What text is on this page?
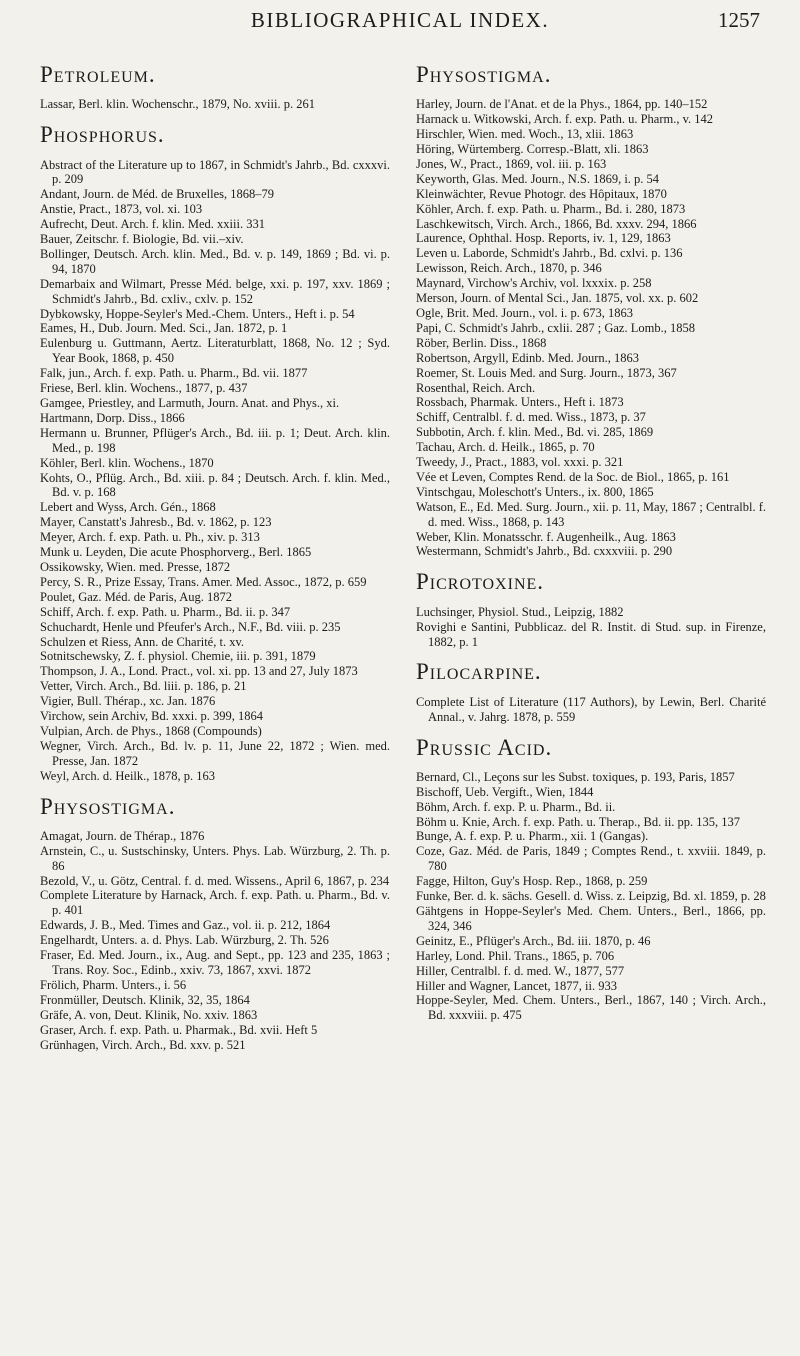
BIBLIOGRAPHICAL INDEX.	1257
Petroleum.
Lassar, Berl. klin. Wochenschr., 1879, No. xviii. p. 261
Phosphorus.
Abstract of the Literature up to 1867, in Schmidt's Jahrb., Bd. cxxxvi. p. 209
Andant, Journ. de Méd. de Bruxelles, 1868–79
Anstie, Pract., 1873, vol. xi. 103
Aufrecht, Deut. Arch. f. klin. Med. xxiii. 331
Bauer, Zeitschr. f. Biologie, Bd. vii.–xiv.
Bollinger, Deutsch. Arch. klin. Med., Bd. v. p. 149, 1869 ; Bd. vi. p. 94, 1870
Demarbaix and Wilmart, Presse Méd. belge, xxi. p. 197, xxv. 1869 ; Schmidt's Jahrb., Bd. cxliv., cxlv. p. 152
Dybkowsky, Hoppe-Seyler's Med.-Chem. Unters., Heft i. p. 54
Eames, H., Dub. Journ. Med. Sci., Jan. 1872, p. 1
Eulenburg u. Guttmann, Aertz. Literaturblatt, 1868, No. 12 ; Syd. Year Book, 1868, p. 450
Falk, jun., Arch. f. exp. Path. u. Pharm., Bd. vii. 1877
Friese, Berl. klin. Wochens., 1877, p. 437
Gamgee, Priestley, and Larmuth, Journ. Anat. and Phys., xi.
Hartmann, Dorp. Diss., 1866
Hermann u. Brunner, Pflüger's Arch., Bd. iii. p. 1; Deut. Arch. klin. Med., p. 198
Köhler, Berl. klin. Wochens., 1870
Kohts, O., Pflüg. Arch., Bd. xiii. p. 84 ; Deutsch. Arch. f. klin. Med., Bd. v. p. 168
Lebert and Wyss, Arch. Gén., 1868
Mayer, Canstatt's Jahresb., Bd. v. 1862, p. 123
Meyer, Arch. f. exp. Path. u. Ph., xiv. p. 313
Munk u. Leyden, Die acute Phosphorverg., Berl. 1865
Ossikowsky, Wien. med. Presse, 1872
Percy, S. R., Prize Essay, Trans. Amer. Med. Assoc., 1872, p. 659
Poulet, Gaz. Méd. de Paris, Aug. 1872
Schiff, Arch. f. exp. Path. u. Pharm., Bd. ii. p. 347
Schuchardt, Henle und Pfeufer's Arch., N.F., Bd. viii. p. 235
Schulzen et Riess, Ann. de Charité, t. xv.
Sotnitschewsky, Z. f. physiol. Chemie, iii. p. 391, 1879
Thompson, J. A., Lond. Pract., vol. xi. pp. 13 and 27, July 1873
Vetter, Virch. Arch., Bd. liii. p. 186, p. 21
Vigier, Bull. Thérap., xc. Jan. 1876
Virchow, sein Archiv, Bd. xxxi. p. 399, 1864
Vulpian, Arch. de Phys., 1868 (Compounds)
Wegner, Virch. Arch., Bd. lv. p. 11, June 22, 1872 ; Wien. med. Presse, Jan. 1872
Weyl, Arch. d. Heilk., 1878, p. 163
Physostigma.
Amagat, Journ. de Thérap., 1876
Arnstein, C., u. Sustschinsky, Unters. Phys. Lab. Würzburg, 2. Th. p. 86
Bezold, V., u. Götz, Central. f. d. med. Wissens., April 6, 1867, p. 234
Complete Literature by Harnack, Arch. f. exp. Path. u. Pharm., Bd. v. p. 401
Edwards, J. B., Med. Times and Gaz., vol. ii. p. 212, 1864
Engelhardt, Unters. a. d. Phys. Lab. Würzburg, 2. Th. 526
Fraser, Ed. Med. Journ., ix., Aug. and Sept., pp. 123 and 235, 1863 ; Trans. Roy. Soc., Edinb., xxiv. 73, 1867, xxvi. 1872
Frölich, Pharm. Unters., i. 56
Fronmüller, Deutsch. Klinik, 32, 35, 1864
Gräfe, A. von, Deut. Klinik, No. xxiv. 1863
Graser, Arch. f. exp. Path. u. Pharmak., Bd. xvii. Heft 5
Grünhagen, Virch. Arch., Bd. xxv. p. 521
Physostigma.
Harley, Journ. de l'Anat. et de la Phys., 1864, pp. 140–152
Harnack u. Witkowski, Arch. f. exp. Path. u. Pharm., v. 142
Hirschler, Wien. med. Woch., 13, xlii. 1863
Höring, Würtemberg. Corresp.-Blatt, xli. 1863
Jones, W., Pract., 1869, vol. iii. p. 163
Keyworth, Glas. Med. Journ., N.S. 1869, i. p. 54
Kleinwächter, Revue Photogr. des Hôpitaux, 1870
Köhler, Arch. f. exp. Path. u. Pharm., Bd. i. 280, 1873
Laschkewitsch, Virch. Arch., 1866, Bd. xxxv. 294, 1866
Laurence, Ophthal. Hosp. Reports, iv. 1, 129, 1863
Leven u. Laborde, Schmidt's Jahrb., Bd. cxlvi. p. 136
Lewisson, Reich. Arch., 1870, p. 346
Maynard, Virchow's Archiv, vol. lxxxix. p. 258
Merson, Journ. of Mental Sci., Jan. 1875, vol. xx. p. 602
Ogle, Brit. Med. Journ., vol. i. p. 673, 1863
Papi, C. Schmidt's Jahrb., cxlii. 287 ; Gaz. Lomb., 1858
Röber, Berlin. Diss., 1868
Robertson, Argyll, Edinb. Med. Journ., 1863
Roemer, St. Louis Med. and Surg. Journ., 1873, 367
Rosenthal, Reich. Arch.
Rossbach, Pharmak. Unters., Heft i. 1873
Schiff, Centralbl. f. d. med. Wiss., 1873, p. 37
Subbotin, Arch. f. klin. Med., Bd. vi. 285, 1869
Tachau, Arch. d. Heilk., 1865, p. 70
Tweedy, J., Pract., 1883, vol. xxxi. p. 321
Vée et Leven, Comptes Rend. de la Soc. de Biol., 1865, p. 161
Vintschgau, Moleschott's Unters., ix. 800, 1865
Watson, E., Ed. Med. Surg. Journ., xii. p. 11, May, 1867 ; Centralbl. f. d. med. Wiss., 1868, p. 143
Weber, Klin. Monatsschr. f. Augenheilk., Aug. 1863
Westermann, Schmidt's Jahrb., Bd. cxxxviii. p. 290
Picrotoxine.
Luchsinger, Physiol. Stud., Leipzig, 1882
Rovighi e Santini, Pubblicaz. del R. Instit. di Stud. sup. in Firenze, 1882, p. 1
Pilocarpine.
Complete List of Literature (117 Authors), by Lewin, Berl. Charité Annal., v. Jahrg. 1878, p. 559
Prussic Acid.
Bernard, Cl., Leçons sur les Subst. toxiques, p. 193, Paris, 1857
Bischoff, Ueb. Vergift., Wien, 1844
Böhm, Arch. f. exp. P. u. Pharm., Bd. ii.
Böhm u. Knie, Arch. f. exp. Path. u. Therap., Bd. ii. pp. 135, 137
Bunge, A. f. exp. P. u. Pharm., xii. 1 (Gangas).
Coze, Gaz. Méd. de Paris, 1849 ; Comptes Rend., t. xxviii. 1849, p. 780
Fagge, Hilton, Guy's Hosp. Rep., 1868, p. 259
Funke, Ber. d. k. sächs. Gesell. d. Wiss. z. Leipzig, Bd. xl. 1859, p. 28
Gähtgens in Hoppe-Seyler's Med. Chem. Unters., Berl., 1866, pp. 324, 346
Geinitz, E., Pflüger's Arch., Bd. iii. 1870, p. 46
Harley, Lond. Phil. Trans., 1865, p. 706
Hiller, Centralbl. f. d. med. W., 1877, 577
Hiller and Wagner, Lancet, 1877, ii. 933
Hoppe-Seyler, Med. Chem. Unters., Berl., 1867, 140 ; Virch. Arch., Bd. xxxviii. p. 475
